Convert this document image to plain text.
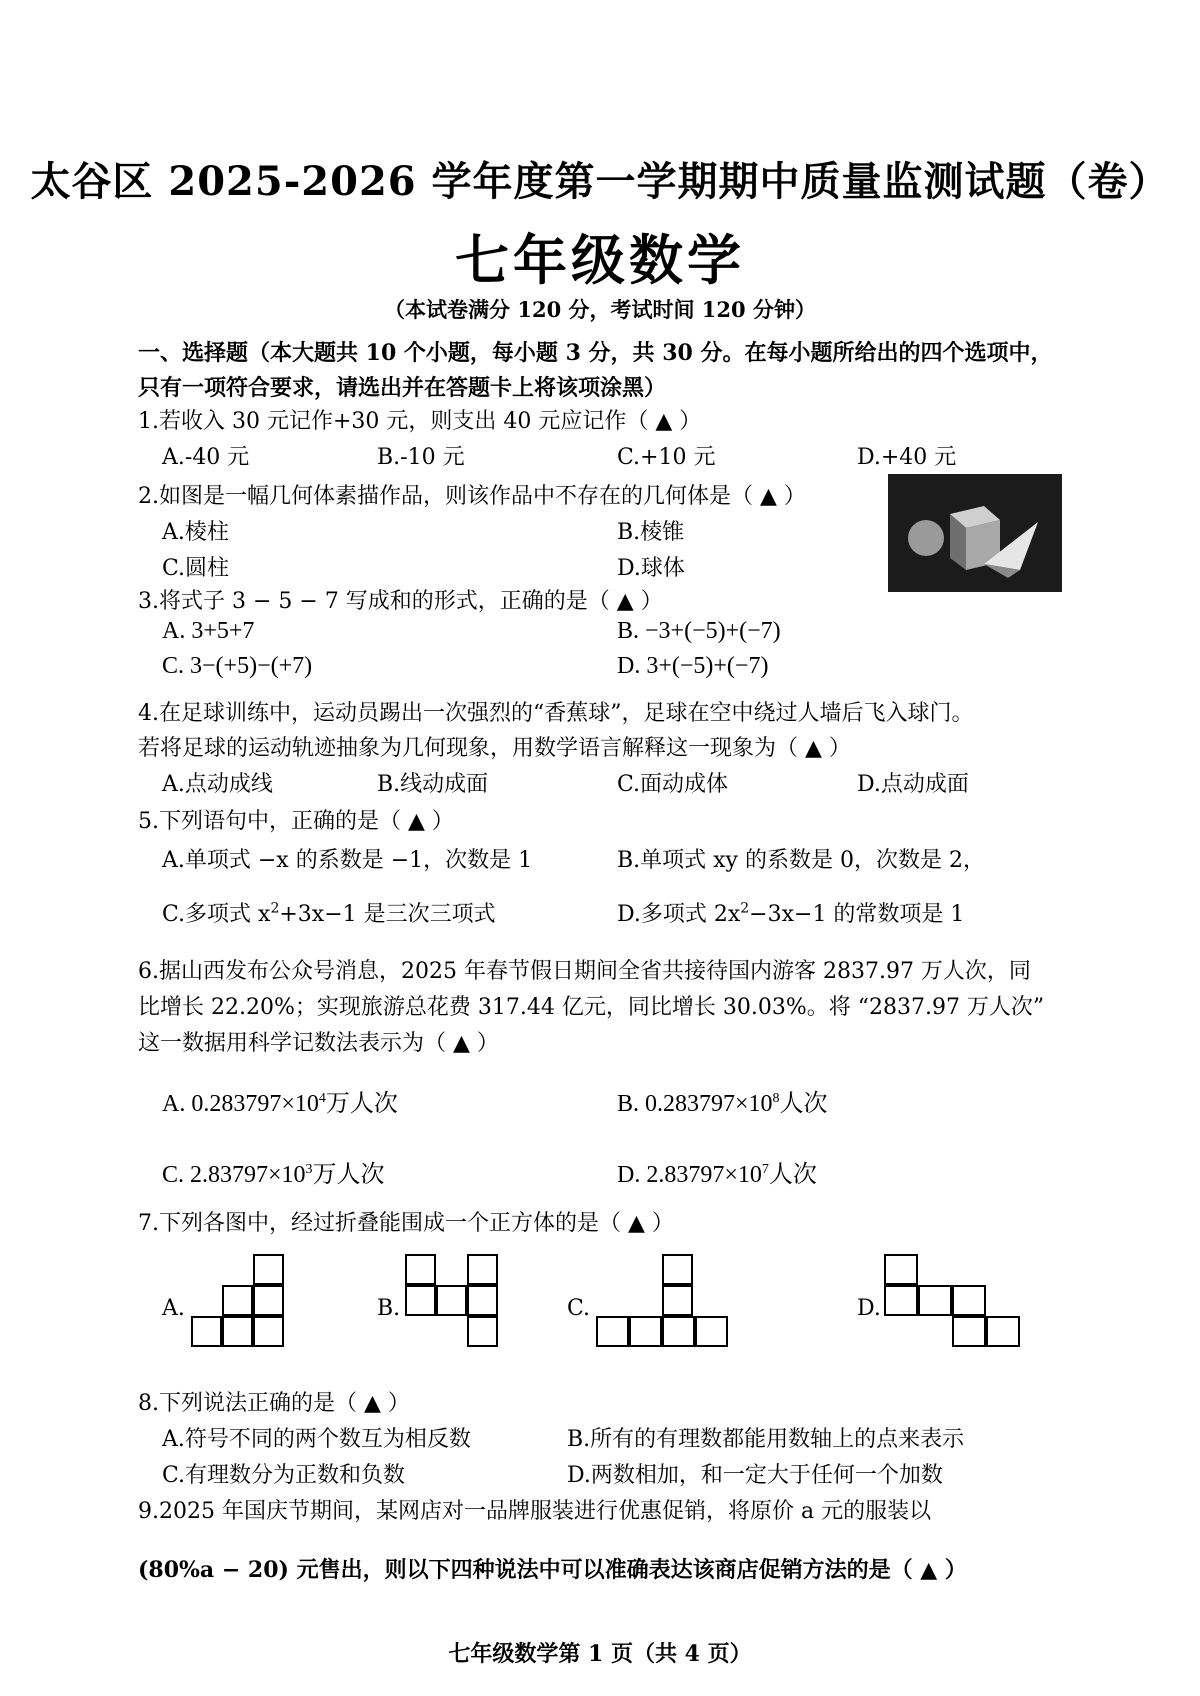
太谷区 2025-2026 学年度第一学期期中质量监测试题（卷）
七年级数学
（本试卷满分 120 分，考试时间 120 分钟）
一、选择题（本大题共 10 个小题，每小题 3 分，共 30 分。在每小题所给出的四个选项中，
只有一项符合要求，请选出并在答题卡上将该项涂黑）
1.若收入 30 元记作+30 元，则支出 40 元应记作（ ▲ ）
A.-40 元	B.-10 元	C.+10 元	D.+40 元
2.如图是一幅几何体素描作品，则该作品中不存在的几何体是（ ▲ ）
A.棱柱	B.棱锥
C.圆柱	D.球体
3.将式子 3 − 5 − 7 写成和的形式，正确的是（ ▲ ）
A. 3+5+7	B. −3+(−5)+(−7)
C. 3−(+5)−(+7)	D. 3+(−5)+(−7)
4.在足球训练中，运动员踢出一次强烈的“香蕉球”，足球在空中绕过人墙后飞入球门。
若将足球的运动轨迹抽象为几何现象，用数学语言解释这一现象为（ ▲ ）
A.点动成线	B.线动成面	C.面动成体	D.点动成面
5.下列语句中，正确的是（ ▲ ）
A.单项式 −x 的系数是 −1，次数是 1	B.单项式 xy 的系数是 0，次数是 2，
C.多项式 $x^2+3x-1$ 是三次三项式	D.多项式 $2x^2-3x-1$ 的常数项是 1
6.据山西发布公众号消息，2025 年春节假日期间全省共接待国内游客 2837.97 万人次，同
比增长 22.20%；实现旅游总花费 317.44 亿元，同比增长 30.03%。将 “2837.97 万人次”
这一数据用科学记数法表示为（ ▲ ）
A. $0.283797\times 10^4$万人次	B. $0.283797\times 10^8$人次
C. $2.83797\times 10^3$万人次	D. $2.83797\times 10^7$人次
7.下列各图中，经过折叠能围成一个正方体的是（ ▲ ）
A.	B.	C.	D.
8.下列说法正确的是（ ▲ ）
A.符号不同的两个数互为相反数	B.所有的有理数都能用数轴上的点来表示
C.有理数分为正数和负数	D.两数相加，和一定大于任何一个加数
9.2025 年国庆节期间，某网店对一品牌服装进行优惠促销，将原价 a 元的服装以
(80%a − 20) 元售出，则以下四种说法中可以准确表达该商店促销方法的是（ ▲ ）
七年级数学第 1 页（共 4 页）
